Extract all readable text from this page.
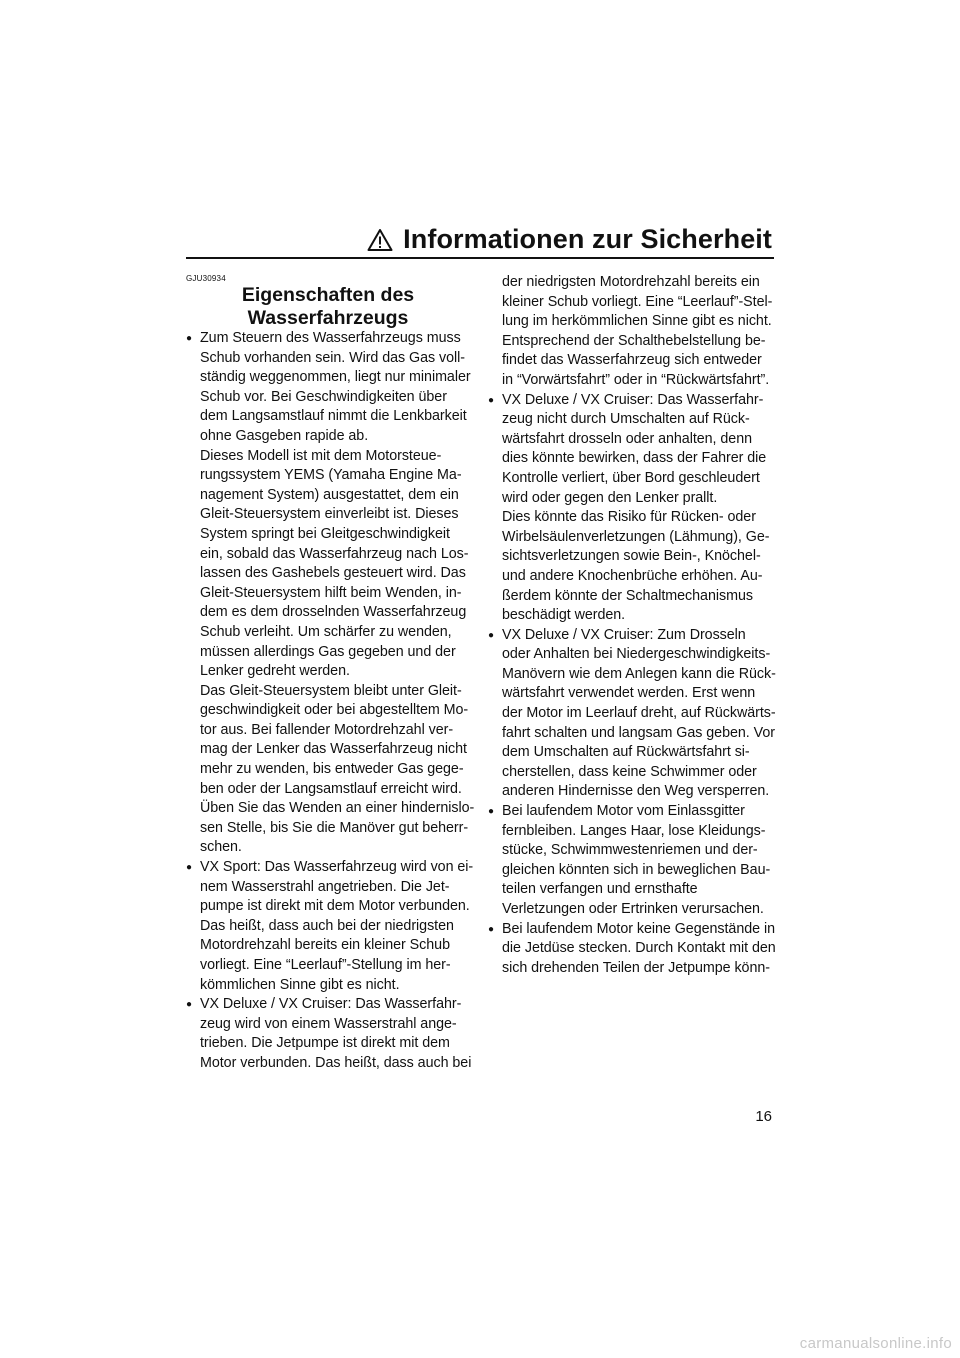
Informationen zur Sicherheit
GJU30934
Eigenschaften des
Wasserfahrzeugs
● Zum Steuern des Wasserfahrzeugs muss
Schub vorhanden sein. Wird das Gas voll-
ständig weggenommen, liegt nur minimaler
Schub vor. Bei Geschwindigkeiten über
dem Langsamstlauf nimmt die Lenkbarkeit
ohne Gasgeben rapide ab.
Dieses Modell ist mit dem Motorsteue-
rungssystem YEMS (Yamaha Engine Ma-
nagement System) ausgestattet, dem ein
Gleit-Steuersystem einverleibt ist. Dieses
System springt bei Gleitgeschwindigkeit
ein, sobald das Wasserfahrzeug nach Los-
lassen des Gashebels gesteuert wird. Das
Gleit-Steuersystem hilft beim Wenden, in-
dem es dem drosselnden Wasserfahrzeug
Schub verleiht. Um schärfer zu wenden,
müssen allerdings Gas gegeben und der
Lenker gedreht werden.
Das Gleit-Steuersystem bleibt unter Gleit-
geschwindigkeit oder bei abgestelltem Mo-
tor aus. Bei fallender Motordrehzahl ver-
mag der Lenker das Wasserfahrzeug nicht
mehr zu wenden, bis entweder Gas gege-
ben oder der Langsamstlauf erreicht wird.
Üben Sie das Wenden an einer hindernislo-
sen Stelle, bis Sie die Manöver gut beherr-
schen.
● VX Sport: Das Wasserfahrzeug wird von ei-
nem Wasserstrahl angetrieben. Die Jet-
pumpe ist direkt mit dem Motor verbunden.
Das heißt, dass auch bei der niedrigsten
Motordrehzahl bereits ein kleiner Schub
vorliegt. Eine “Leerlauf”-Stellung im her-
kömmlichen Sinne gibt es nicht.
● VX Deluxe / VX Cruiser: Das Wasserfahr-
zeug wird von einem Wasserstrahl ange-
trieben. Die Jetpumpe ist direkt mit dem
Motor verbunden. Das heißt, dass auch bei
der niedrigsten Motordrehzahl bereits ein
kleiner Schub vorliegt. Eine “Leerlauf”-Stel-
lung im herkömmlichen Sinne gibt es nicht.
Entsprechend der Schalthebelstellung be-
findet das Wasserfahrzeug sich entweder
in “Vorwärtsfahrt” oder in “Rückwärtsfahrt”.
● VX Deluxe / VX Cruiser: Das Wasserfahr-
zeug nicht durch Umschalten auf Rück-
wärtsfahrt drosseln oder anhalten, denn
dies könnte bewirken, dass der Fahrer die
Kontrolle verliert, über Bord geschleudert
wird oder gegen den Lenker prallt.
Dies könnte das Risiko für Rücken- oder
Wirbelsäulenverletzungen (Lähmung), Ge-
sichtsverletzungen sowie Bein-, Knöchel-
und andere Knochenbrüche erhöhen. Au-
ßerdem könnte der Schaltmechanismus
beschädigt werden.
● VX Deluxe / VX Cruiser: Zum Drosseln
oder Anhalten bei Niedergeschwindigkeits-
Manövern wie dem Anlegen kann die Rück-
wärtsfahrt verwendet werden. Erst wenn
der Motor im Leerlauf dreht, auf Rückwärts-
fahrt schalten und langsam Gas geben. Vor
dem Umschalten auf Rückwärtsfahrt si-
cherstellen, dass keine Schwimmer oder
anderen Hindernisse den Weg versperren.
● Bei laufendem Motor vom Einlassgitter
fernbleiben. Langes Haar, lose Kleidungs-
stücke, Schwimmwestenriemen und der-
gleichen könnten sich in beweglichen Bau-
teilen verfangen und ernsthafte
Verletzungen oder Ertrinken verursachen.
● Bei laufendem Motor keine Gegenstände in
die Jetdüse stecken. Durch Kontakt mit den
sich drehenden Teilen der Jetpumpe könn-
16
carmanualsonline.info
